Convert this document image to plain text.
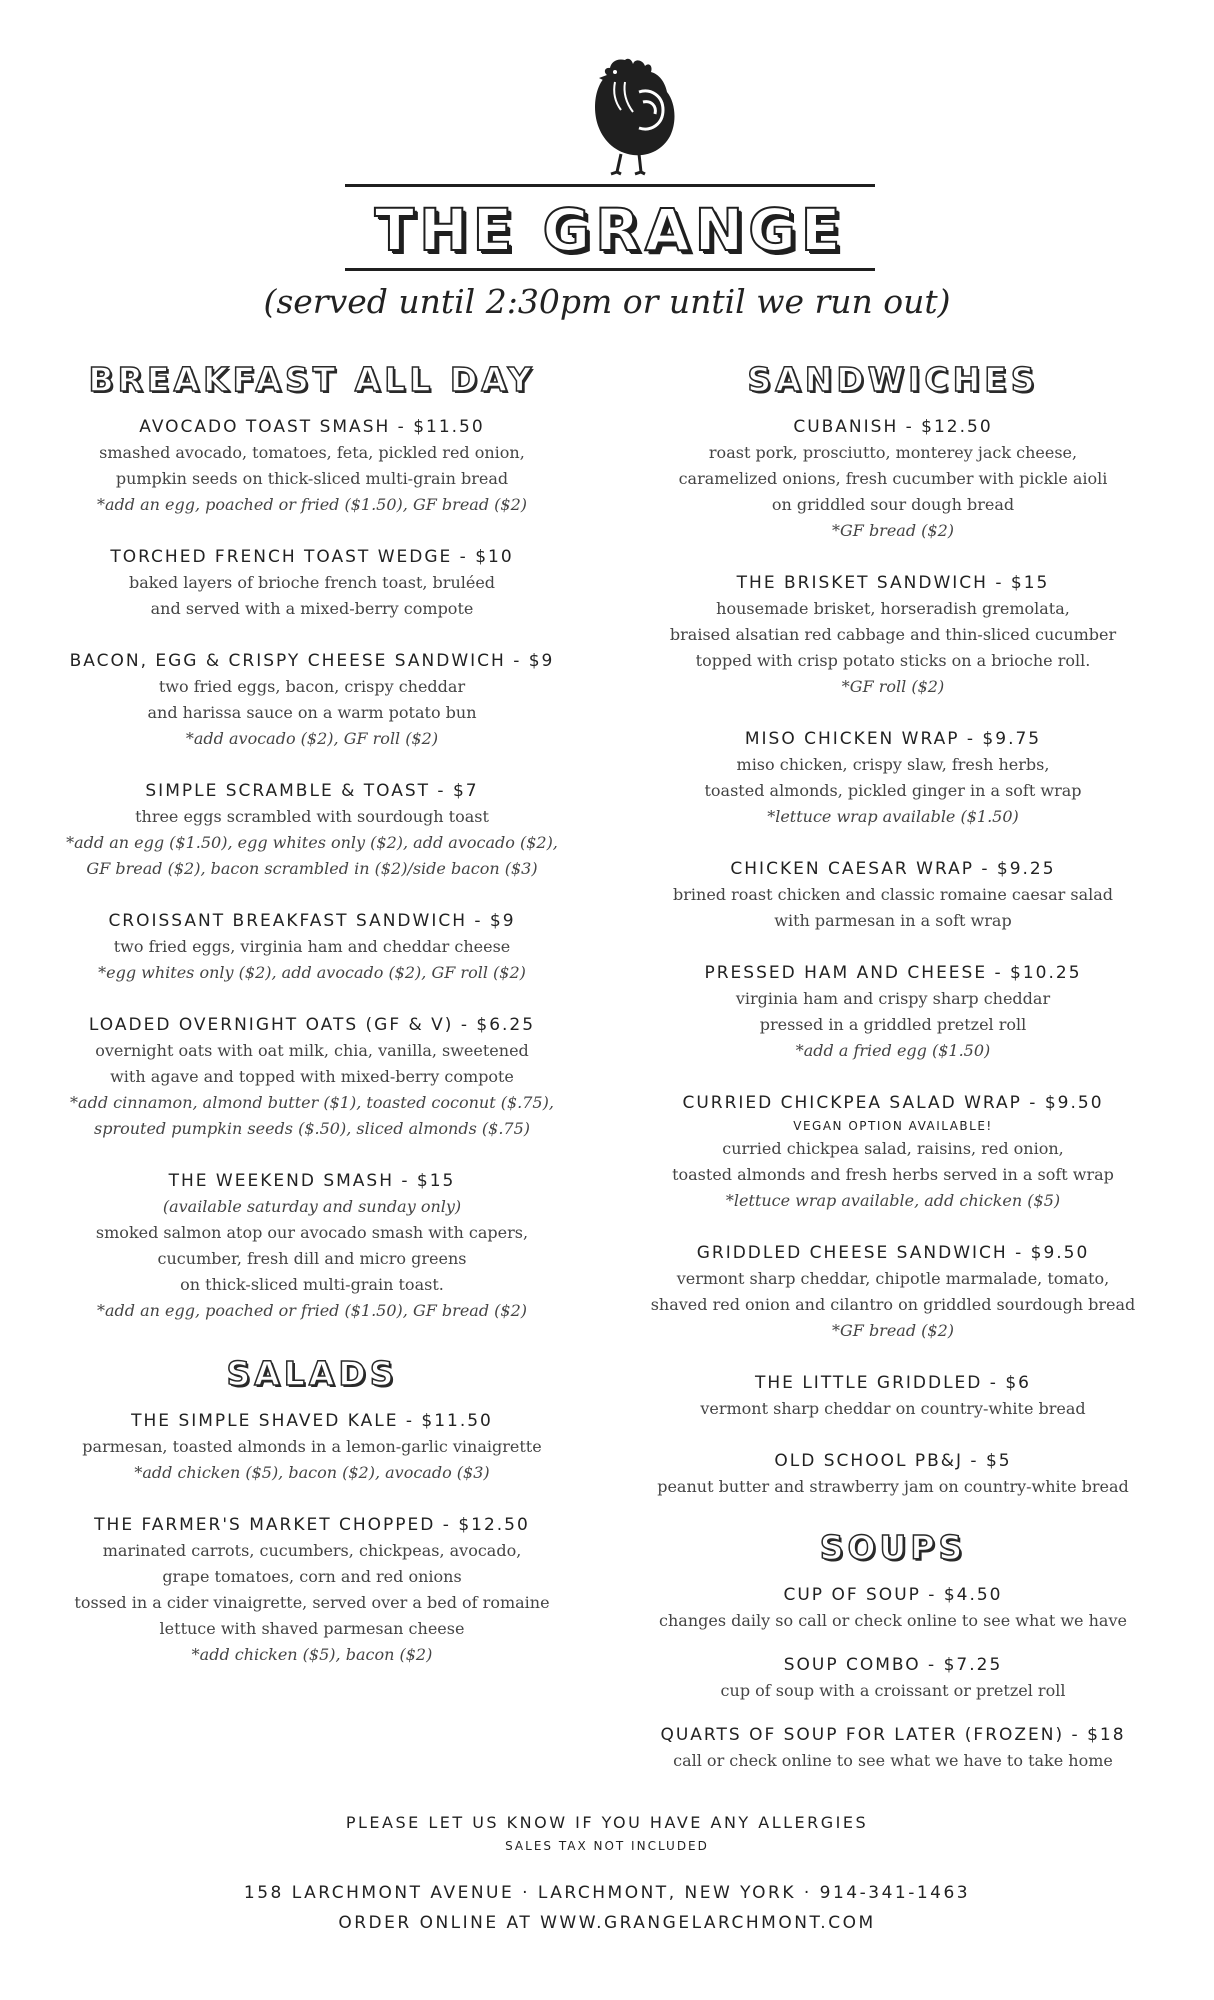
THE GRANGE
(served until 2:30pm or until we run out)
BREAKFAST ALL DAY
AVOCADO TOAST SMASH - $11.50
smashed avocado, tomatoes, feta, pickled red onion,
pumpkin seeds on thick-sliced multi-grain bread
*add an egg, poached or fried ($1.50), GF bread ($2)
TORCHED FRENCH TOAST WEDGE - $10
baked layers of brioche french toast, bruléed
and served with a mixed-berry compote
BACON, EGG & CRISPY CHEESE SANDWICH - $9
two fried eggs, bacon, crispy cheddar
and harissa sauce on a warm potato bun
*add avocado ($2), GF roll ($2)
SIMPLE SCRAMBLE & TOAST - $7
three eggs scrambled with sourdough toast
*add an egg ($1.50), egg whites only ($2), add avocado ($2),
GF bread ($2), bacon scrambled in ($2)/side bacon ($3)
CROISSANT BREAKFAST SANDWICH - $9
two fried eggs, virginia ham and cheddar cheese
*egg whites only ($2), add avocado ($2), GF roll ($2)
LOADED OVERNIGHT OATS (GF & V) - $6.25
overnight oats with oat milk, chia, vanilla, sweetened
with agave and topped with mixed-berry compote
*add cinnamon, almond butter ($1), toasted coconut ($.75),
sprouted pumpkin seeds ($.50), sliced almonds ($.75)
THE WEEKEND SMASH - $15
(available saturday and sunday only)
smoked salmon atop our avocado smash with capers,
cucumber, fresh dill and micro greens
on thick-sliced multi-grain toast.
*add an egg, poached or fried ($1.50), GF bread ($2)
SALADS
THE SIMPLE SHAVED KALE - $11.50
parmesan, toasted almonds in a lemon-garlic vinaigrette
*add chicken ($5), bacon ($2), avocado ($3)
THE FARMER'S MARKET CHOPPED - $12.50
marinated carrots, cucumbers, chickpeas, avocado,
grape tomatoes, corn and red onions
tossed in a cider vinaigrette, served over a bed of romaine
lettuce with shaved parmesan cheese
*add chicken ($5), bacon ($2)
SANDWICHES
CUBANISH - $12.50
roast pork, prosciutto, monterey jack cheese,
caramelized onions, fresh cucumber with pickle aioli
on griddled sour dough bread
*GF bread ($2)
THE BRISKET SANDWICH - $15
housemade brisket, horseradish gremolata,
braised alsatian red cabbage and thin-sliced cucumber
topped with crisp potato sticks on a brioche roll.
*GF roll ($2)
MISO CHICKEN WRAP - $9.75
miso chicken, crispy slaw, fresh herbs,
toasted almonds, pickled ginger in a soft wrap
*lettuce wrap available ($1.50)
CHICKEN CAESAR WRAP - $9.25
brined roast chicken and classic romaine caesar salad
with parmesan in a soft wrap
PRESSED HAM AND CHEESE - $10.25
virginia ham and crispy sharp cheddar
pressed in a griddled pretzel roll
*add a fried egg ($1.50)
CURRIED CHICKPEA SALAD WRAP - $9.50
VEGAN OPTION AVAILABLE!
curried chickpea salad, raisins, red onion,
toasted almonds and fresh herbs served in a soft wrap
*lettuce wrap available, add chicken ($5)
GRIDDLED CHEESE SANDWICH - $9.50
vermont sharp cheddar, chipotle marmalade, tomato,
shaved red onion and cilantro on griddled sourdough bread
*GF bread ($2)
THE LITTLE GRIDDLED - $6
vermont sharp cheddar on country-white bread
OLD SCHOOL PB&J - $5
peanut butter and strawberry jam on country-white bread
SOUPS
CUP OF SOUP - $4.50
changes daily so call or check online to see what we have
SOUP COMBO - $7.25
cup of soup with a croissant or pretzel roll
QUARTS OF SOUP FOR LATER (FROZEN) - $18
call or check online to see what we have to take home
PLEASE LET US KNOW IF YOU HAVE ANY ALLERGIES
SALES TAX NOT INCLUDED
158 LARCHMONT AVENUE · LARCHMONT, NEW YORK · 914-341-1463
ORDER ONLINE AT WWW.GRANGELARCHMONT.COM
